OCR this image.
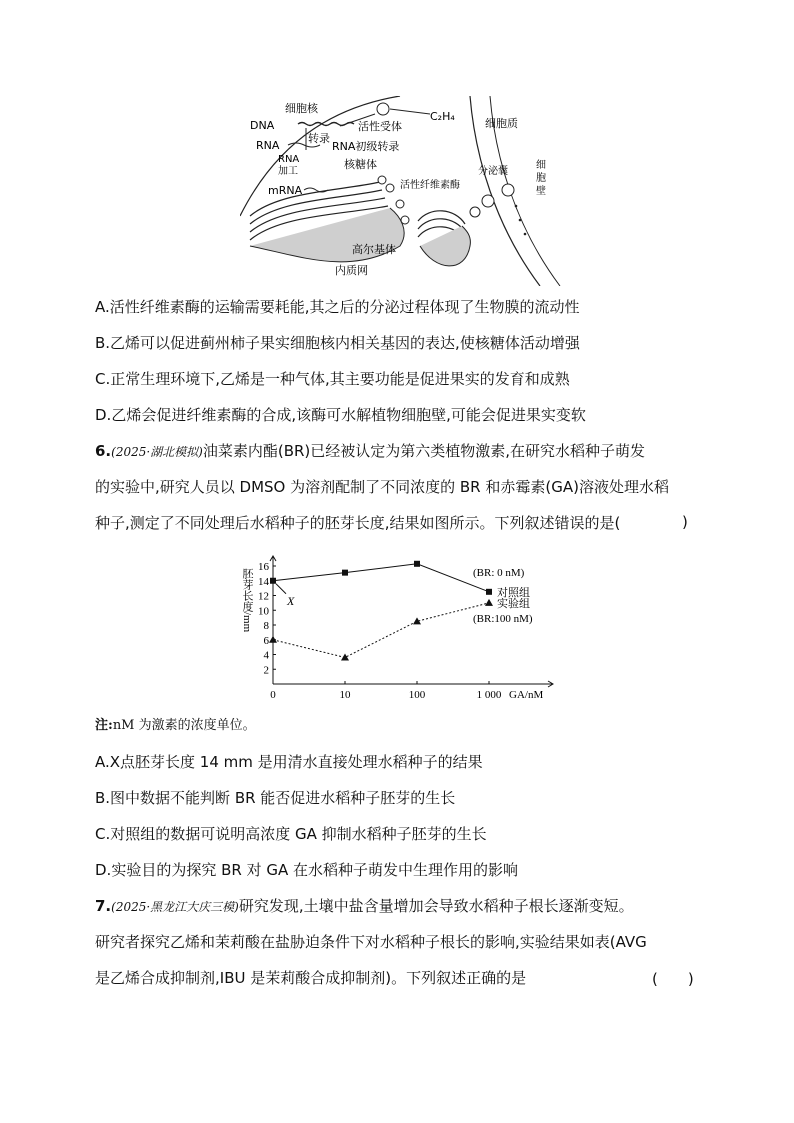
DNA
细胞核
C₂H₄
活性受体
转录
RNA	RNA初级转录
RNA
加工
核糖体
mRNA	活性纤维素酶
分泌囊
细胞质
细
胞
壁
高尔基体
内质网
A.活性纤维素酶的运输需要耗能,其之后的分泌过程体现了生物膜的流动性
B.乙烯可以促进蓟州柿子果实细胞核内相关基因的表达,使核糖体活动增强
C.正常生理环境下,乙烯是一种气体,其主要功能是促进果实的发育和成熟
D.乙烯会促进纤维素酶的合成,该酶可水解植物细胞壁,可能会促进果实变软
6.(2025·湖北模拟)油菜素内酯(BR)已经被认定为第六类植物激素,在研究水稻种子萌发
的实验中,研究人员以 DMSO 为溶剂配制了不同浓度的 BR 和赤霉素(GA)溶液处理水稻
种子,测定了不同处理后水稻种子的胚芽长度,结果如图所示。下列叙述错误的是(	)
2
4
6
8
10
12
14
16
0	10	100	1 000 GA/nM
胚芽长度/mm	(BR: 0 nM)
对照组
实验组
(BR:100 nM)
X
注:nM 为激素的浓度单位。
A.X点胚芽长度 14 mm 是用清水直接处理水稻种子的结果
B.图中数据不能判断 BR 能否促进水稻种子胚芽的生长
C.对照组的数据可说明高浓度 GA 抑制水稻种子胚芽的生长
D.实验目的为探究 BR 对 GA 在水稻种子萌发中生理作用的影响
7.(2025·黑龙江大庆三模)研究发现,土壤中盐含量增加会导致水稻种子根长逐渐变短。
研究者探究乙烯和茉莉酸在盐胁迫条件下对水稻种子根长的影响,实验结果如表(AVG
是乙烯合成抑制剂,IBU 是茉莉酸合成抑制剂)。下列叙述正确的是	(　　)
